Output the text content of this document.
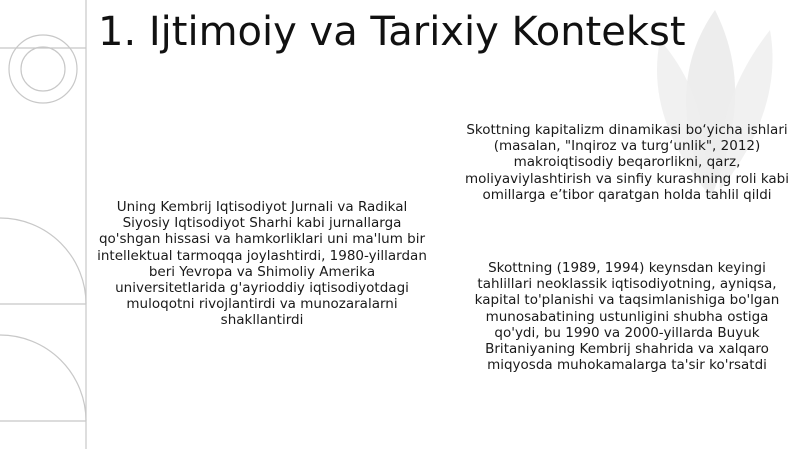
1. Ijtimoiy va Tarixiy Kontekst

Uning Kembrij Iqtisodiyot Jurnali va Radikal Siyosiy Iqtisodiyot Sharhi kabi jurnallarga qo'shgan hissasi va hamkorliklari uni ma'lum bir intellektual tarmoqqa joylashtirdi, 1980-yillardan beri Yevropa va Shimoliy Amerika universitetlarida g'ayrioddiy iqtisodiyotdagi muloqotni rivojlantirdi va munozaralarni shakllantirdi

Skottning kapitalizm dinamikasi bo‘yicha ishlari (masalan, "Inqiroz va turg‘unlik", 2012) makroiqtisodiy beqarorlikni, qarz, moliyaviylashtirish va sinfiy kurashning roli kabi omillarga e’tibor qaratgan holda tahlil qildi

Skottning (1989, 1994) keynsdan keyingi tahlillari neoklassik iqtisodiyotning, ayniqsa, kapital to'planishi va taqsimlanishiga bo'lgan munosabatining ustunligini shubha ostiga qo'ydi, bu 1990 va 2000-yillarda Buyuk Britaniyaning Kembrij shahrida va xalqaro miqyosda muhokamalarga ta'sir ko'rsatdi
